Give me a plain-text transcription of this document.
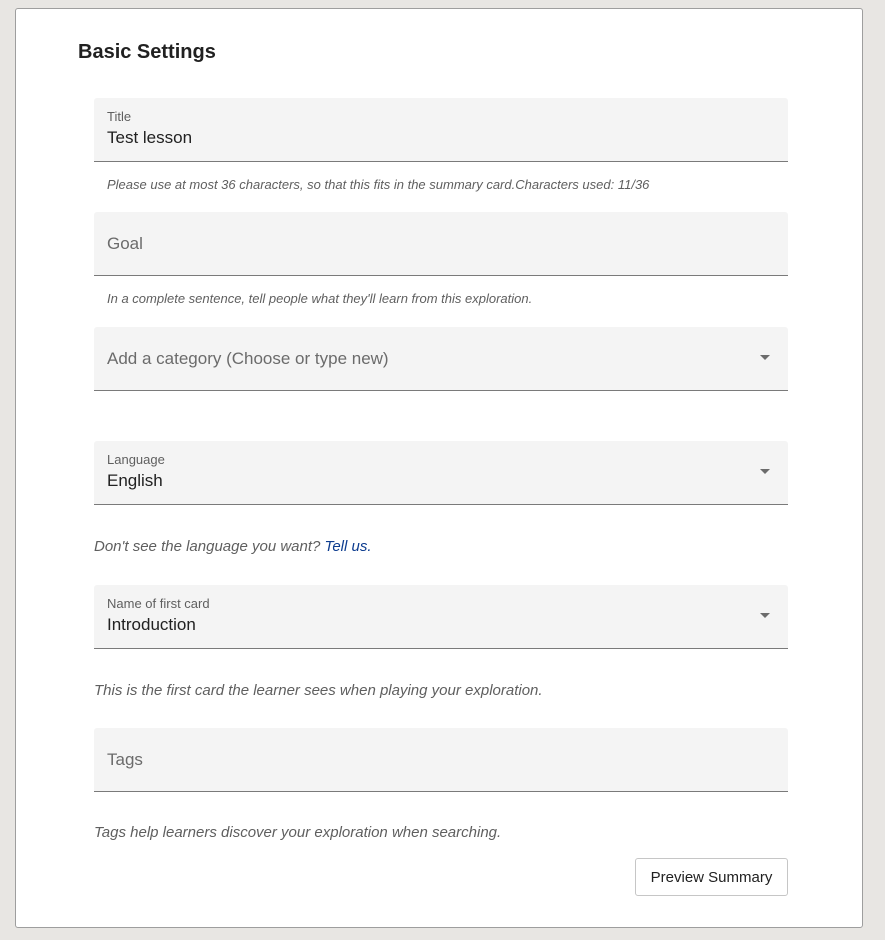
Basic Settings
Title
Test lesson
Please use at most 36 characters, so that this fits in the summary card.Characters used: 11/36
Goal
In a complete sentence, tell people what they'll learn from this exploration.
Add a category (Choose or type new)
Language
English
Don't see the language you want? Tell us.
Name of first card
Introduction
This is the first card the learner sees when playing your exploration.
Tags
Tags help learners discover your exploration when searching.
Preview Summary
